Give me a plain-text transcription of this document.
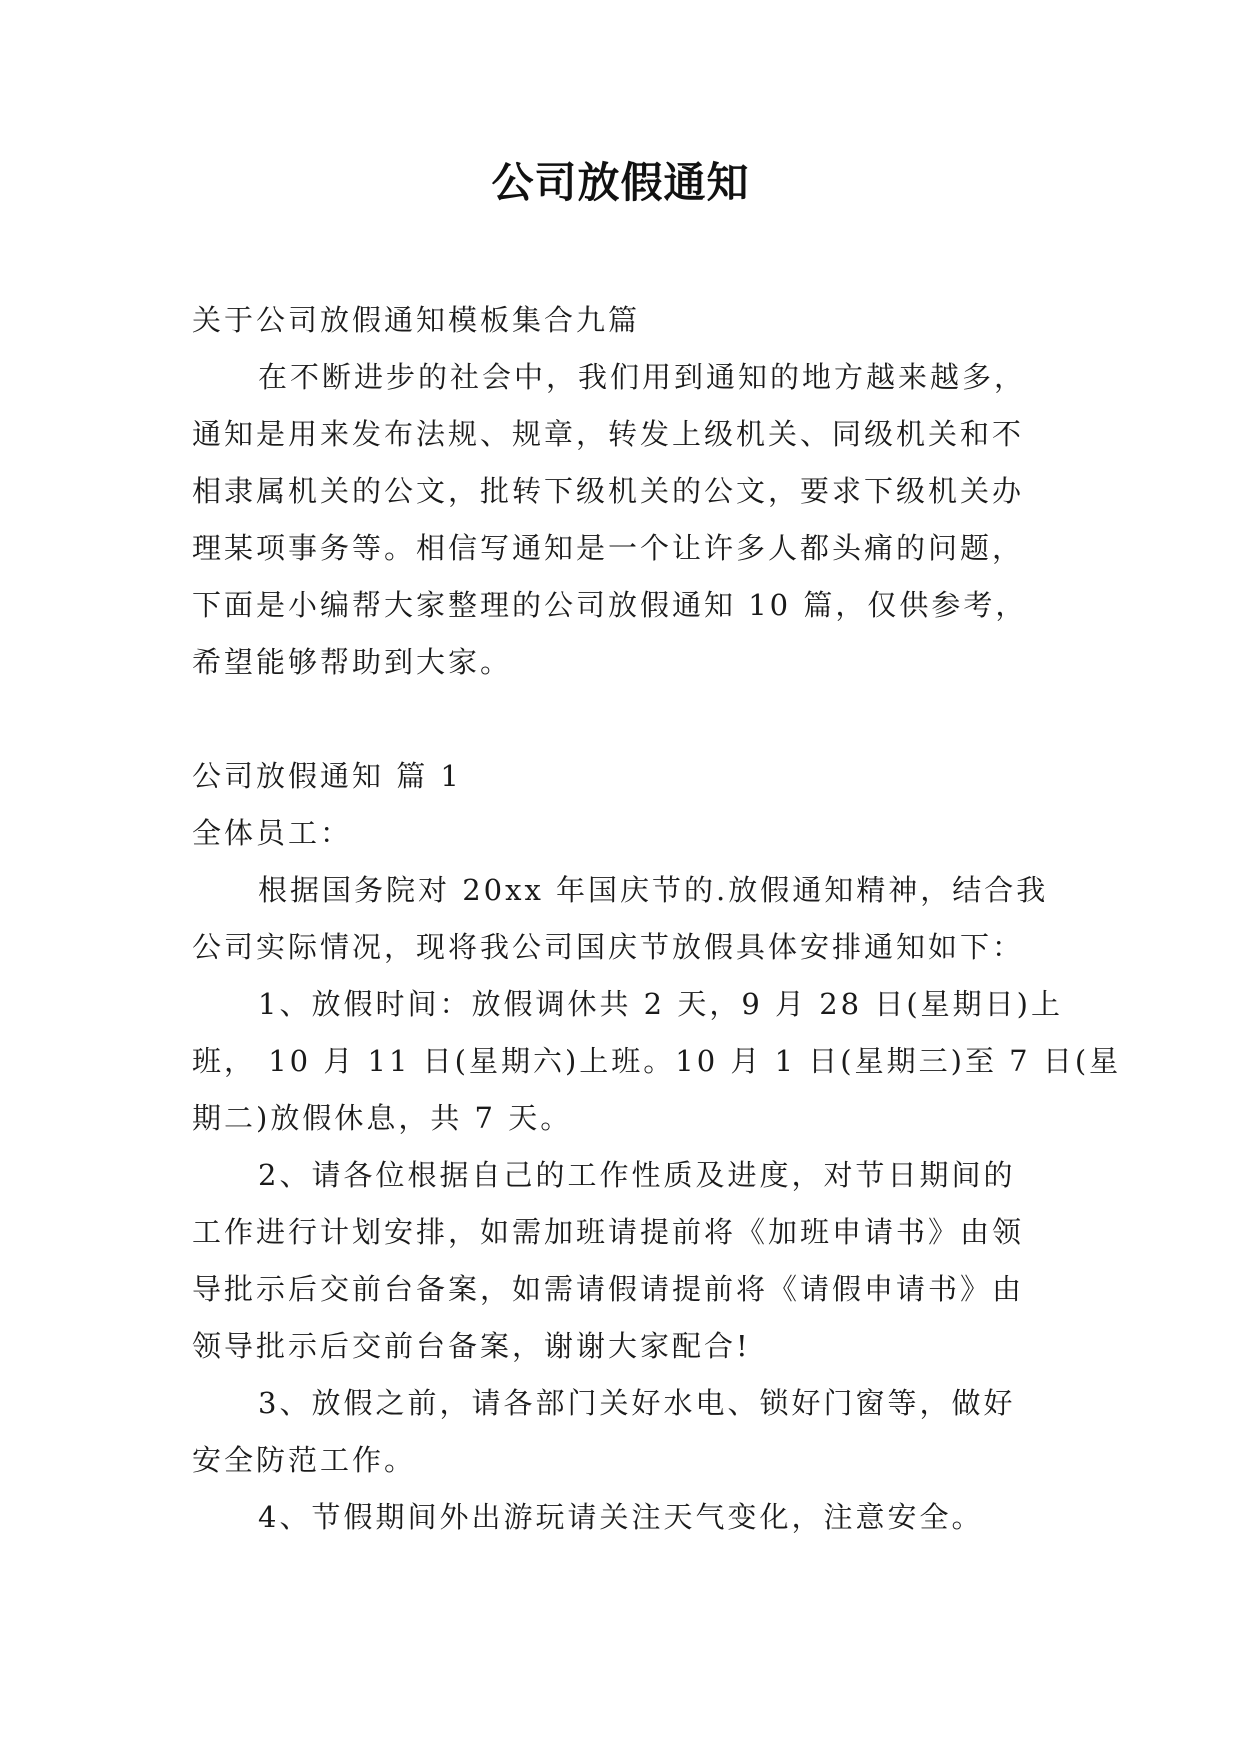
公司放假通知
关于公司放假通知模板集合九篇
在不断进步的社会中，我们用到通知的地方越来越多，
通知是用来发布法规、规章，转发上级机关、同级机关和不
相隶属机关的公文，批转下级机关的公文，要求下级机关办
理某项事务等。相信写通知是一个让许多人都头痛的问题，
下面是小编帮大家整理的公司放假通知 10 篇，仅供参考，
希望能够帮助到大家。
公司放假通知 篇 1
全体员工：
根据国务院对 20xx 年国庆节的.放假通知精神，结合我
公司实际情况，现将我公司国庆节放假具体安排通知如下：
1、放假时间：放假调休共 2 天，9 月 28 日(星期日)上
班， 10 月 11 日(星期六)上班。10 月 1 日(星期三)至 7 日(星
期二)放假休息，共 7 天。
2、请各位根据自己的工作性质及进度，对节日期间的
工作进行计划安排，如需加班请提前将《加班申请书》由领
导批示后交前台备案，如需请假请提前将《请假申请书》由
领导批示后交前台备案，谢谢大家配合!
3、放假之前，请各部门关好水电、锁好门窗等，做好
安全防范工作。
4、节假期间外出游玩请关注天气变化，注意安全。
